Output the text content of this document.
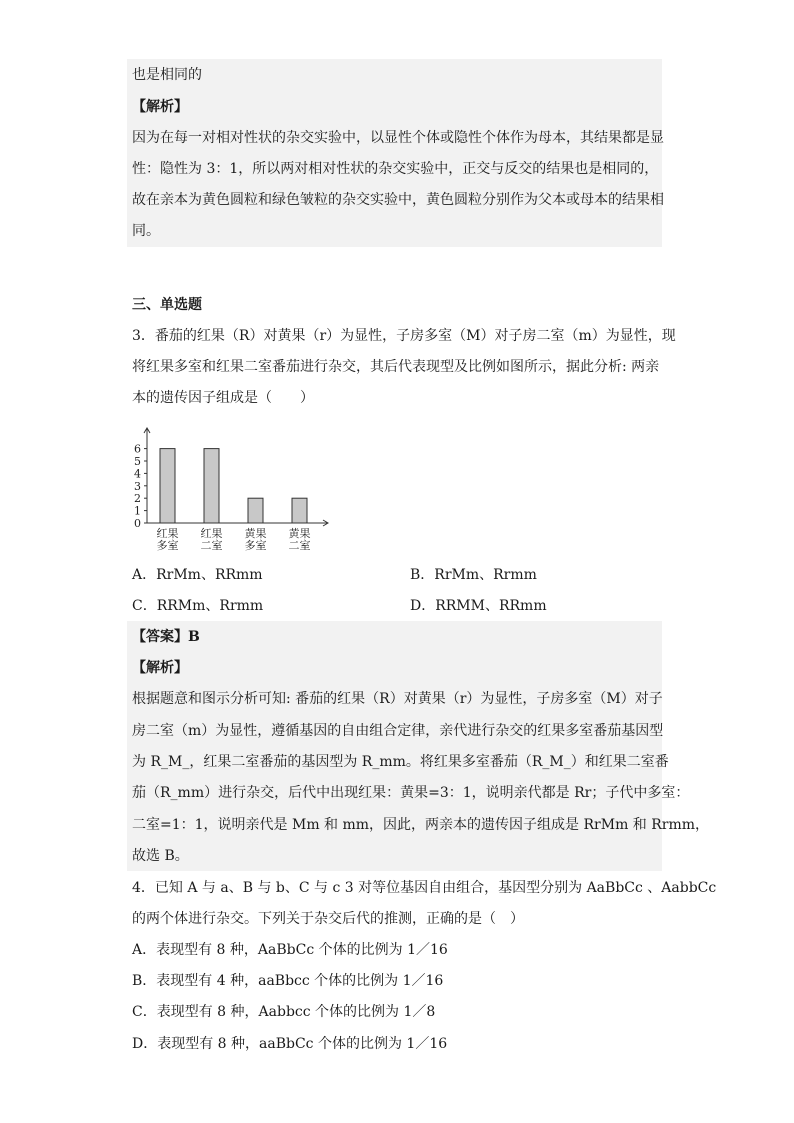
也是相同的
【解析】
因为在每一对相对性状的杂交实验中，以显性个体或隐性个体作为母本，其结果都是显
性：隐性为 3：1，所以两对相对性状的杂交实验中，正交与反交的结果也是相同的，
故在亲本为黄色圆粒和绿色皱粒的杂交实验中，黄色圆粒分别作为父本或母本的结果相
同。
三、单选题
3．番茄的红果（R）对黄果（r）为显性，子房多室（M）对子房二室（m）为显性，现
将红果多室和红果二室番茄进行杂交，其后代表现型及比例如图所示，据此分析: 两亲
本的遗传因子组成是（　　）
0
1
2
3
4
5
6
红果
多室
红果
二室
黄果
多室
黄果
二室
A．RrMm、RRmm	B．RrMm、Rrmm
C．RRMm、Rrmm	D．RRMM、RRmm
【答案】B
【解析】
根据题意和图示分析可知: 番茄的红果（R）对黄果（r）为显性，子房多室（M）对子
房二室（m）为显性，遵循基因的自由组合定律，亲代进行杂交的红果多室番茄基因型
为 R_M_，红果二室番茄的基因型为 R_mm。将红果多室番茄（R_M_）和红果二室番
茄（R_mm）进行杂交，后代中出现红果：黄果=3：1，说明亲代都是 Rr；子代中多室：
二室=1：1，说明亲代是 Mm 和 mm，因此，两亲本的遗传因子组成是 RrMm 和 Rrmm，
故选 B。
4．已知 A 与 a、B 与 b、C 与 c 3 对等位基因自由组合，基因型分别为 AaBbCc 、AabbCc
的两个体进行杂交。下列关于杂交后代的推测，正确的是（　）
A．表现型有 8 种，AaBbCc 个体的比例为 1／16
B．表现型有 4 种，aaBbcc 个体的比例为 1／16
C．表现型有 8 种，Aabbcc 个体的比例为 1／8
D．表现型有 8 种，aaBbCc 个体的比例为 1／16
